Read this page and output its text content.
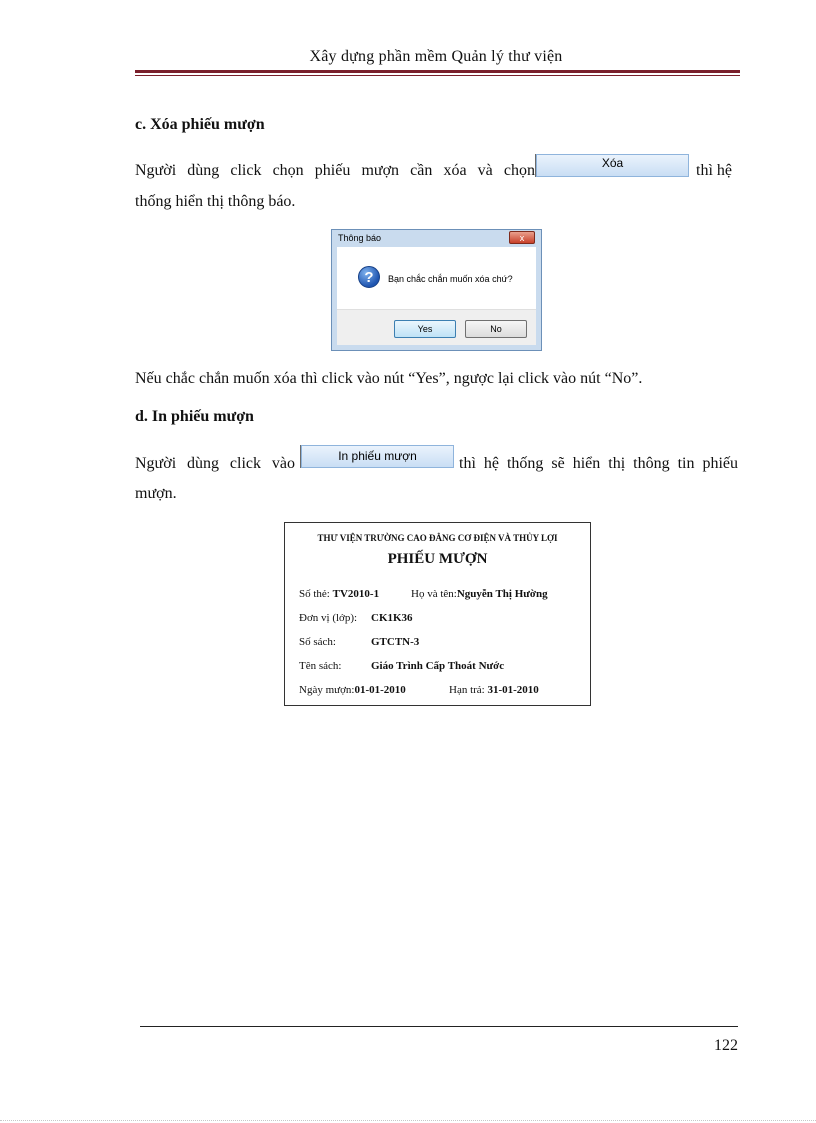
Xây dựng phần mềm Quản lý thư viện
c. Xóa phiếu mượn
Người dùng click chọn phiếu mượn cần xóa và chọn	Xóa	thì hệ
thống hiển thị thông báo.
Thông báo	x
?	Bạn chắc chắn muốn xóa chứ?
Yes	No
Nếu chắc chắn muốn xóa thì click vào nút “Yes”, ngược lại click vào nút “No”.
d. In phiếu mượn
Người dùng click vào	In phiếu mượn	thì hệ thống sẽ hiển thị thông tin phiếu
mượn.
THƯ VIỆN TRƯỜNG CAO ĐẲNG CƠ ĐIỆN VÀ THỦY LỢI
PHIẾU MƯỢN
Số thẻ: TV2010-1	Họ và tên:Nguyễn Thị Hường
Đơn vị (lớp): CK1K36
Số sách:	GTCTN-3
Tên sách:	Giáo Trình Cấp Thoát Nước
Ngày mượn:01-01-2010	Hạn trả: 31-01-2010
122
